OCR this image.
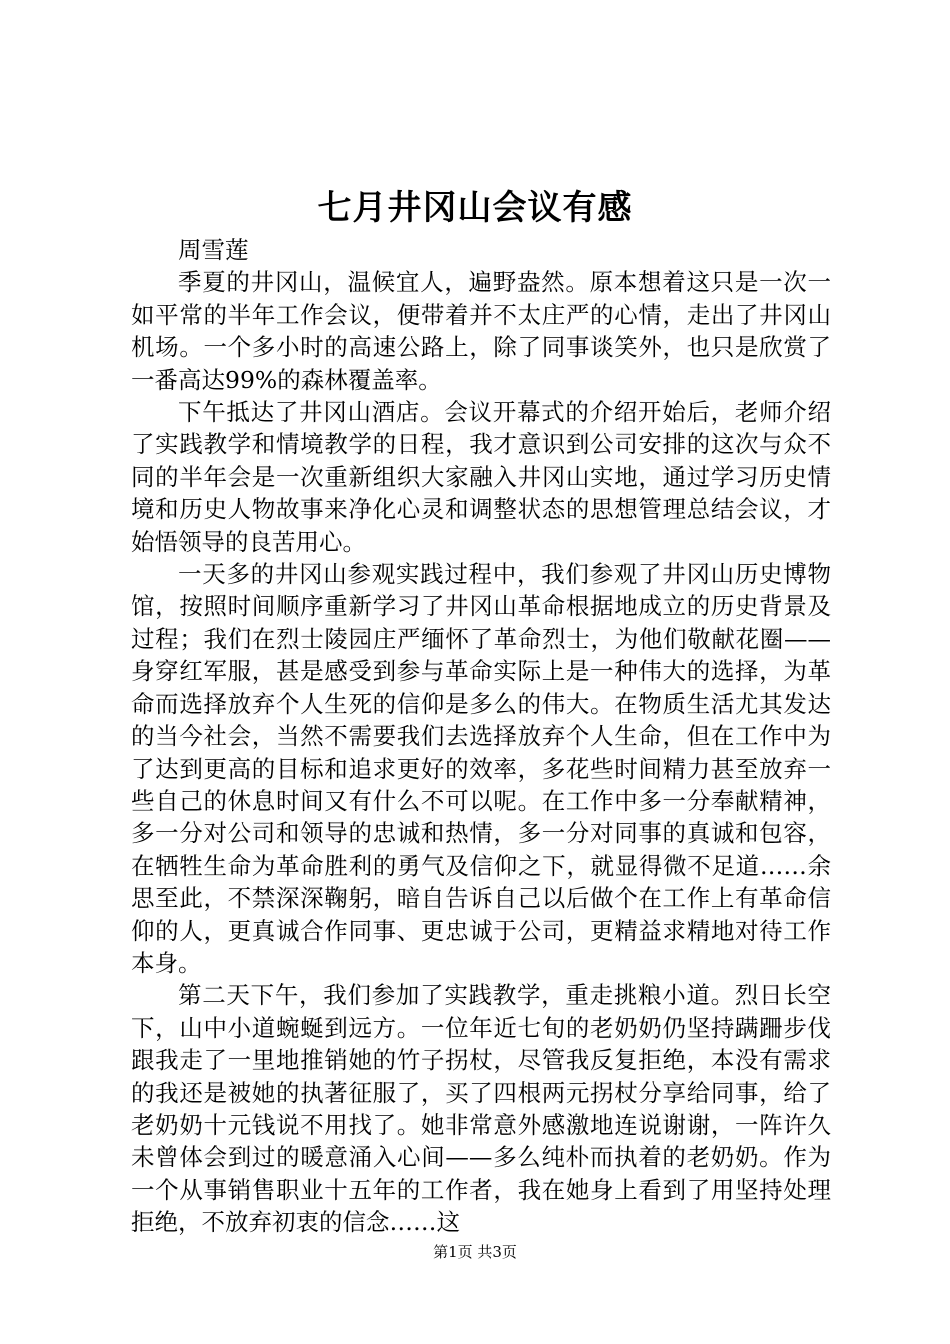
七月井冈山会议有感

周雪莲

季夏的井冈山，温候宜人，遍野盎然。原本想着这只是一次一如平常的半年工作会议，便带着并不太庄严的心情，走出了井冈山机场。一个多小时的高速公路上，除了同事谈笑外，也只是欣赏了一番高达99%的森林覆盖率。

下午抵达了井冈山酒店。会议开幕式的介绍开始后，老师介绍了实践教学和情境教学的日程，我才意识到公司安排的这次与众不同的半年会是一次重新组织大家融入井冈山实地，通过学习历史情境和历史人物故事来净化心灵和调整状态的思想管理总结会议，才始悟领导的良苦用心。

一天多的井冈山参观实践过程中，我们参观了井冈山历史博物馆，按照时间顺序重新学习了井冈山革命根据地成立的历史背景及过程；我们在烈士陵园庄严缅怀了革命烈士，为他们敬献花圈——身穿红军服，甚是感受到参与革命实际上是一种伟大的选择，为革命而选择放弃个人生死的信仰是多么的伟大。在物质生活尤其发达的当今社会，当然不需要我们去选择放弃个人生命，但在工作中为了达到更高的目标和追求更好的效率，多花些时间精力甚至放弃一些自己的休息时间又有什么不可以呢。在工作中多一分奉献精神，多一分对公司和领导的忠诚和热情，多一分对同事的真诚和包容，在牺牲生命为革命胜利的勇气及信仰之下，就显得微不足道……余思至此，不禁深深鞠躬，暗自告诉自己以后做个在工作上有革命信仰的人，更真诚合作同事、更忠诚于公司，更精益求精地对待工作本身。

第二天下午，我们参加了实践教学，重走挑粮小道。烈日长空下，山中小道蜿蜒到远方。一位年近七旬的老奶奶仍坚持蹒跚步伐跟我走了一里地推销她的竹子拐杖，尽管我反复拒绝，本没有需求的我还是被她的执著征服了，买了四根两元拐杖分享给同事，给了老奶奶十元钱说不用找了。她非常意外感激地连说谢谢，一阵许久未曾体会到过的暖意涌入心间——多么纯朴而执着的老奶奶。作为一个从事销售职业十五年的工作者，我在她身上看到了用坚持处理拒绝，不放弃初衷的信念……这

第1页 共3页
